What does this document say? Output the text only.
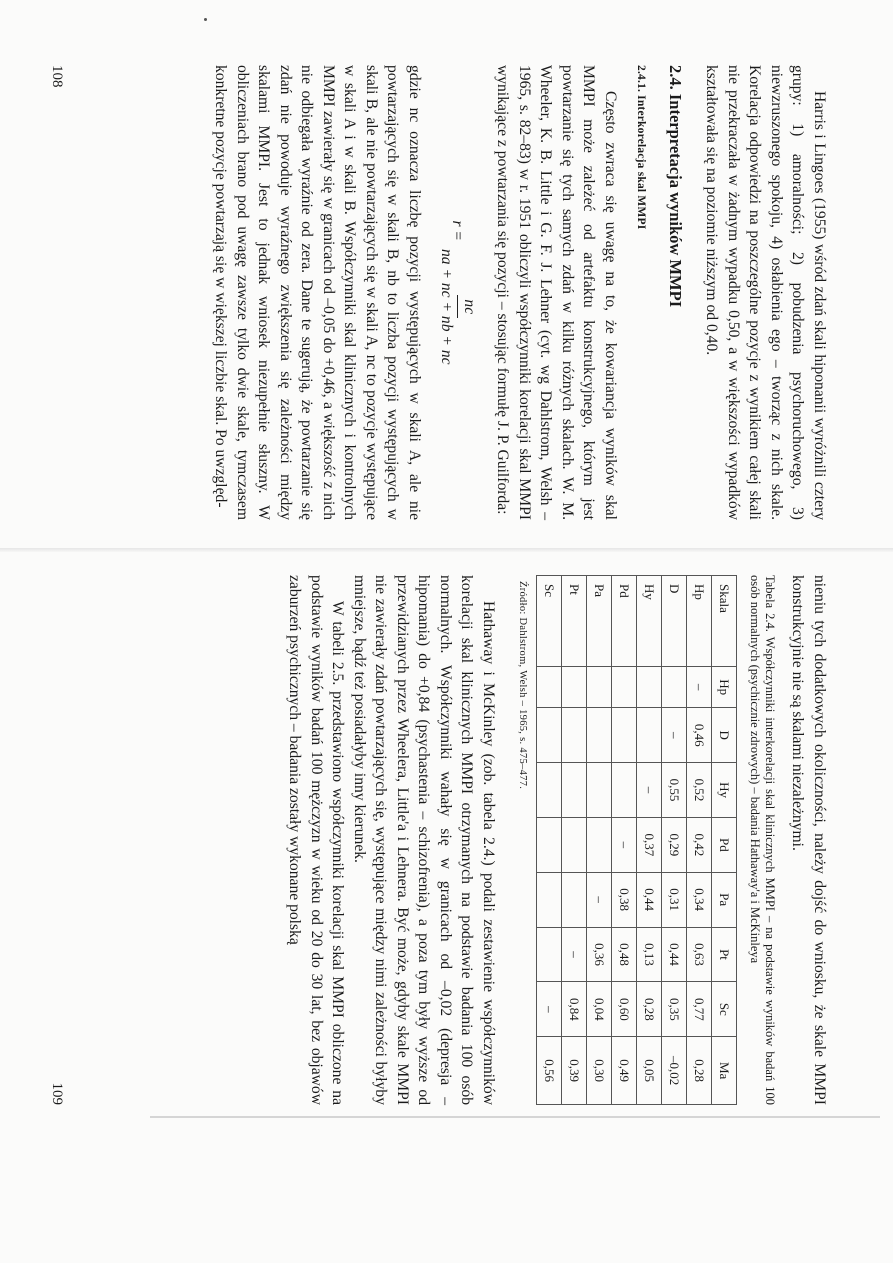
Harris i Lingoes (1955) wśród zdań skali hiponanii wyróżnili cztery grupy: 1) amoralności; 2) pobudzenia psychoruchowego, 3) niewzruszonego spokoju, 4) osłabienia ego – tworząc z nich skale. Korelacja odpowiedzi na poszczególne pozycje z wynikiem całej skali nie przekraczała w żadnym wypadku 0,50, a w większości wypadków kształtowała się na poziomie niższym od 0,40.

2.4. Interpretacja wyników MMPI
2.4.1. Interkorelacja skal MMPI

Często zwraca się uwagę na to, że kowariancja wyników skal MMPI może zależeć od artefaktu konstrukcyjnego, którym jest powtarzanie się tych samych zdań w kilku różnych skalach. W. M. Wheeler, K. B. Little i G. F. J. Lehner (cyt. wg Dahlstrom, Welsh – 1965, s. 82–83) w r. 1951 obliczyli współczynniki korelacji skal MMPI wynikające z powtarzania się pozycji – stosując formułę J. P. Guilforda:

r =
nc
na + nc + nb + nc

gdzie nc oznacza liczbę pozycji występujących w skali A, ale nie powtarzających się w skali B, nb to liczba pozycji występujących w skali B, ale nie powtarzających się w skali A, nc to pozycje występujące w skali A i w skali B. Współczynniki skal klinicznych i kontrolnych MMPI zawierały się w granicach od –0,05 do +0,46, a większość z nich nie odbiegała wyraźnie od zera. Dane te sugerują, że powtarzanie się zdań nie powoduje wyraźnego zwiększenia się zależności między skalami MMPI. Jest to jednak wniosek niezupełnie słuszny. W obliczeniach brano pod uwagę zawsze tylko dwie skale, tymczasem konkretne pozycje powtarzają się w większej liczbie skal. Po uwzględ-

108

nieniu tych dodatkowych okoliczności, należy dojść do wniosku, że skale MMPI konstrukcyjnie nie są skalami niezależnymi.

Tabela 2.4. Współczynniki interkorelacji skal klinicznych MMPI – na podstawie wyników badań 100 osób normalnych (psychicznie zdrowych) – badania Hathaway'a i McKinleya
Skala	Hp	D	Hy	Pd	Pa	Pt	Sc	Ma
Hp	–	0,46	0,52	0,42	0,34	0,63	0,77	0,28
D		–	0,55	0,29	0,31	0,44	0,35	–0,02
Hy			–	0,37	0,44	0,13	0,28	0,05
Pd				–	0,38	0,48	0,60	0,49
Pa					–	0,36	0,04	0,30
Pt						–	0,84	0,39
Sc							–	0,56
Źródło: Dahlstrom, Welsh – 1965, s. 475–477.

Hathaway i McKinley (zob. tabela 2.4.) podali zestawienie współczynników korelacji skal klinicznych MMPI otrzymanych na podstawie badania 100 osób normalnych. Współczynniki wahały się w granicach od –0,02 (depresja – hipomania) do +0,84 (psychastenia – schizofrenia), a poza tym były wyższe od przewidzianych przez Wheelera, Little'a i Lehnera. Być może, gdyby skale MMPI nie zawierały zdań powtarzających się, występujące między nimi zależności byłyby mniejsze, bądź też posiadałyby inny kierunek.

W tabeli 2.5. przedstawiono współczynniki korelacji skal MMPI obliczone na podstawie wyników badań 100 mężczyzn w wieku od 20 do 30 lat, bez objawów zaburzeń psychicznych – badania zostały wykonane polską

109
